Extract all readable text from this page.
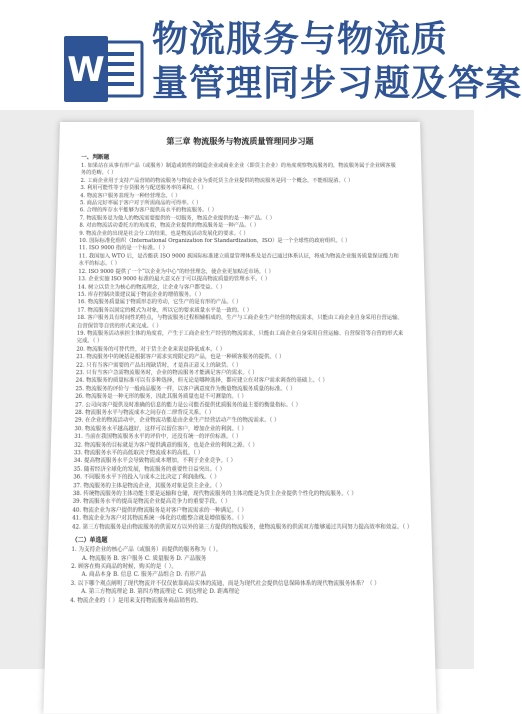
W
物流服务与物流质
量管理同步习题及答案
第三章 物流服务与物流质量管理同步习题
一、判断题
1. 如果站在从事有形产品（或服务）制造或销售的制造企业或商业企业（即货主企业）的角度观察物流服务的，物流服务属于企业顾客服务的范畴。（ ）
2. 工商企业用于支持产品营销的物流服务与物流企业为委托货主企业提供的物流服务是同一个概念，不能相混淆。（ ）
3. 利用可能性等于存货服务与配送服务率的乘积。（ ）
4. 物流客户服务表现为一种经营理念。（ ）
5. 商品完好率属于客户对于所需商品的可得率。（ ）
6. 合理的库存水平能够为客户提供高水平的物流服务。（ ）
7. 物流服务是为他人的物流需要提供的一切服务，物流企业提供的是一种产品。（ ）
8. 对由物流活动委托方的角度看，物流企业提供的物流服务是一种产品。（ ）
9. 物流企业的出现是社会分工的结果，也是物流活动发展化的要求。（ ）
10. 国际标准化组织（International Organization for Standardization，ISO）是一个全球性的政府组织。（ ）
11. ISO 9000 指的是一个标准。（ ）
11. 我国加入 WTO 后，是否能获 ISO 9000 族国际标准建立质量管理体系及是否已通过体系认证，将成为物流企业服务质量保证能力和水平的标志。（ ）
12. ISO 9000 提供了一个“以企业为中心”的经营理念，使企业更加贴近市场。（ ）
13. 企业实施 ISO 9000 标准的最大意义在于可以提高物流质量的管理水平。（ ）
14. 树立以货主为核心的物流理念，让企业与客户都受益。（ ）
15. 库存控制决策建议属于物流企业的增值服务。（ ）
16. 物流服务质量属于物质形态的劳动，它生产的是有形的产品。（ ）
17. 物流服务以固定的模式为对象，所以它的要求质量水平是一致的。（ ）
18. 客户服务具有时间性的特点，与物流服务过程相辅相成的，生产与工商企业生产经营的物流需求，只能由工商企业自身采用自营运输、自营保管等自营的形式来完成。（ ）
19. 物流服务活动承担主体的角度看，产生于工商企业生产经营的物流需求，只能由工商企业自身采用自营运输、自营保管等自营的形式来完成。（ ）
20. 物流服务的可替代性，对于货主企业来说是降低成本。（ ）
21. 物流服务中的统括是根据客户需求实现限定的产品，也是一种顾客服务的提供。（ ）
22. 只有当客户需要的产品出现缺货时，才是真正意义上的缺货。（ ）
23. 只有当客户急需物流服务时，企业的物流服务才能满足客户的需求。（ ）
24. 物流服务的质量标准可以有多种选择，但无论是哪种选择，都应建立在对客户需求调查的基础上。（ ）
25. 物流服务的评价与一般商品服务一样，以客户满意度作为衡量物流服务质量的标准。（ ）
26. 物流服务是一种无形的服务，因此其服务质量也是不可测量的。（ ）
27. 公司向客户提供及时准确的信息的能力是公司能否提供优质服务的最主要的衡量指标。（ ）
28. 物流服务水平与物流成本之间存在二律背反关系。（ ）
29. 在企业的物流活动中，企业物流功能是由企业生产经营活动产生的物流需求。（ ）
30. 物流服务水平越高越好，这样可以留住客户，增加企业的利润。（ ）
31. 当前在我国物流服务水平的评价中，还没有统一的评价标准。（ ）
32. 物流服务的目标就是为客户提供满意的服务，也是企业的利润之源。（ ）
33. 物流服务水平的高低取决于物流成本的高低。（ ）
34. 提高物流服务水平会导致物流成本增加，不利于企业竞争。（ ）
35. 随着经济全球化的发展，物流服务的重要性日益突出。（ ）
36. 不同服务水平下的投入与成本之比决定了利润曲线。（ ）
37. 物流服务的主体是物流企业，其服务对象是货主企业。（ ）
38. 传统物流服务的主体功能主要是运输和仓储，现代物流服务的主体功能是为货主企业提供个性化的物流服务。（ ）
39. 物流服务水平的提高是物流企业提高竞争力的重要手段。（ ）
40. 物流企业为客户提供的物流服务是对客户物流需求的一种满足。（ ）
41. 物流企业为客户对其物流系统一体化的功能整合就是增值服务。（ ）
42. 第三方物流服务是由物流服务的供需双方以外的第三方提供的物流服务，使物流服务的供需双方能够通过共同努力提高效率和效益。（ ）
（二）单选题
1. 为支持企业的核心产品（或服务）而提供的服务称为（ ）。
A. 物流服务 B. 客户服务 C. 质量服务 D. 产品服务
2. 顾客在购买商品的时候，购买的是（ ）。
A. 商品本身 B. 信息 C. 服务产品组合 D. 有形产品
3. 以下哪个观点阐明了现代物流并不仅仅依靠商品实体的流通，而是为现代社会提供信息保障体系的现代物流服务体系？（ ）
A. 第三方物流理论 B. 第四方物流理论 C. 到达理论 D. 距离理论
4. 物流企业的（ ）是用来支持物流服务商品销售的。
